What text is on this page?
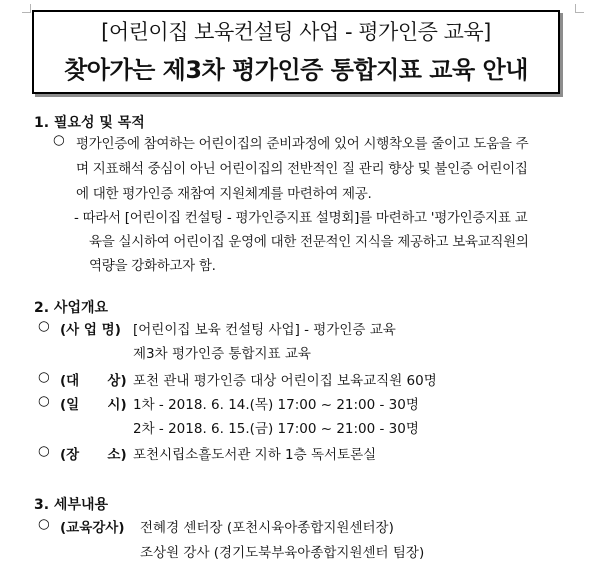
[어린이집 보육컨설팅 사업 - 평가인증 교육]
찾아가는 제3차 평가인증 통합지표 교육 안내
1. 필요성 및 목적
○ 평가인증에 참여하는 어린이집의 준비과정에 있어 시행착오를 줄이고 도움을 주
며 지표해석 중심이 아닌 어린이집의 전반적인 질 관리 향상 및 불인증 어린이집
에 대한 평가인증 재참여 지원체계를 마련하여 제공.
- 따라서 [어린이집 컨설팅 - 평가인증지표 설명회]를 마련하고 '평가인증지표 교
육을 실시하여 어린이집 운영에 대한 전문적인 지식을 제공하고 보육교직원의
역량을 강화하고자 함.
2. 사업개요
○ (사 업 명) [어린이집 보육 컨설팅 사업] - 평가인증 교육
제3차 평가인증 통합지표 교육
○ (대      상) 포천 관내 평가인증 대상 어린이집 보육교직원 60명
○ (일      시) 1차 - 2018. 6. 14.(목) 17:00 ~ 21:00 - 30명
2차 - 2018. 6. 15.(금) 17:00 ~ 21:00 - 30명
○ (장      소) 포천시립소흘도서관 지하 1층 독서토론실
3. 세부내용
○ (교육강사) 전혜경 센터장 (포천시육아종합지원센터장)
조상원 강사 (경기도북부육아종합지원센터 팀장)
